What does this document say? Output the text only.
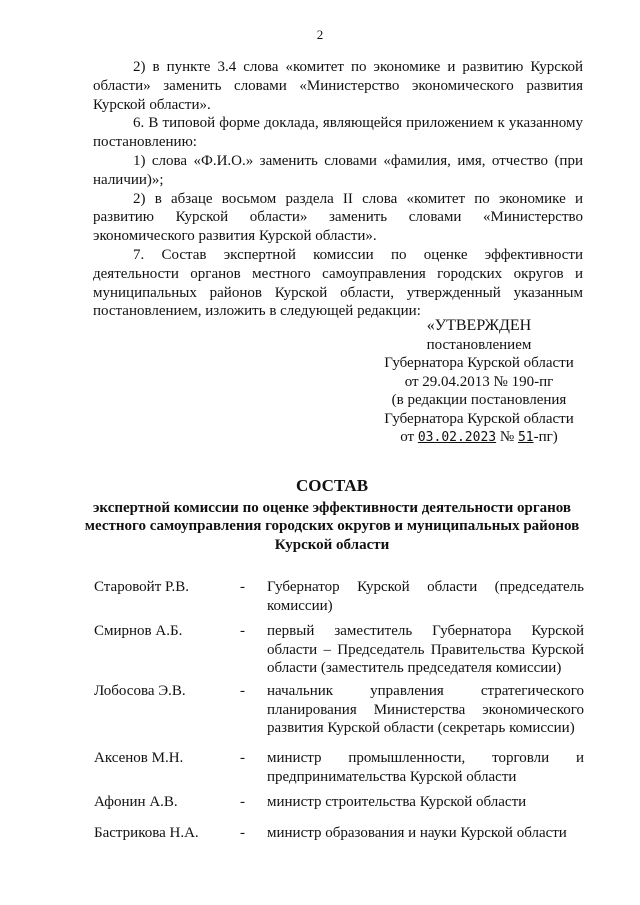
2

2) в пункте 3.4 слова «комитет по экономике и развитию Курской области» заменить словами «Министерство экономического развития Курской области».

6. В типовой форме доклада, являющейся приложением к указанному постановлению:

1) слова «Ф.И.О.» заменить словами «фамилия, имя, отчество (при наличии)»;

2) в абзаце восьмом раздела II слова «комитет по экономике и развитию Курской области» заменить словами «Министерство экономического развития Курской области».

7. Состав экспертной комиссии по оценке эффективности деятельности органов местного самоуправления городских округов и муниципальных районов Курской области, утвержденный указанным постановлением, изложить в следующей редакции:

«УТВЕРЖДЕН
постановлением
Губернатора Курской области
от 29.04.2013 № 190-пг
(в редакции постановления
Губернатора Курской области
от 03.02.2023 № 51-пг)
СОСТАВ
экспертной комиссии по оценке эффективности деятельности органов местного самоуправления городских округов и муниципальных районов Курской области
Старовойт Р.В.	-	Губернатор Курской области (председатель комиссии)
Смирнов А.Б.	-	первый заместитель Губернатора Курской области – Председатель Правительства Курской области (заместитель председателя комиссии)
Лобосова Э.В.	-	начальник управления стратегического планирования Министерства экономического развития Курской области (секретарь комиссии)
Аксенов М.Н.	-	министр промышленности, торговли и предпринимательства Курской области
Афонин А.В.	-	министр строительства Курской области
Бастрикова Н.А.	-	министр образования и науки Курской области
